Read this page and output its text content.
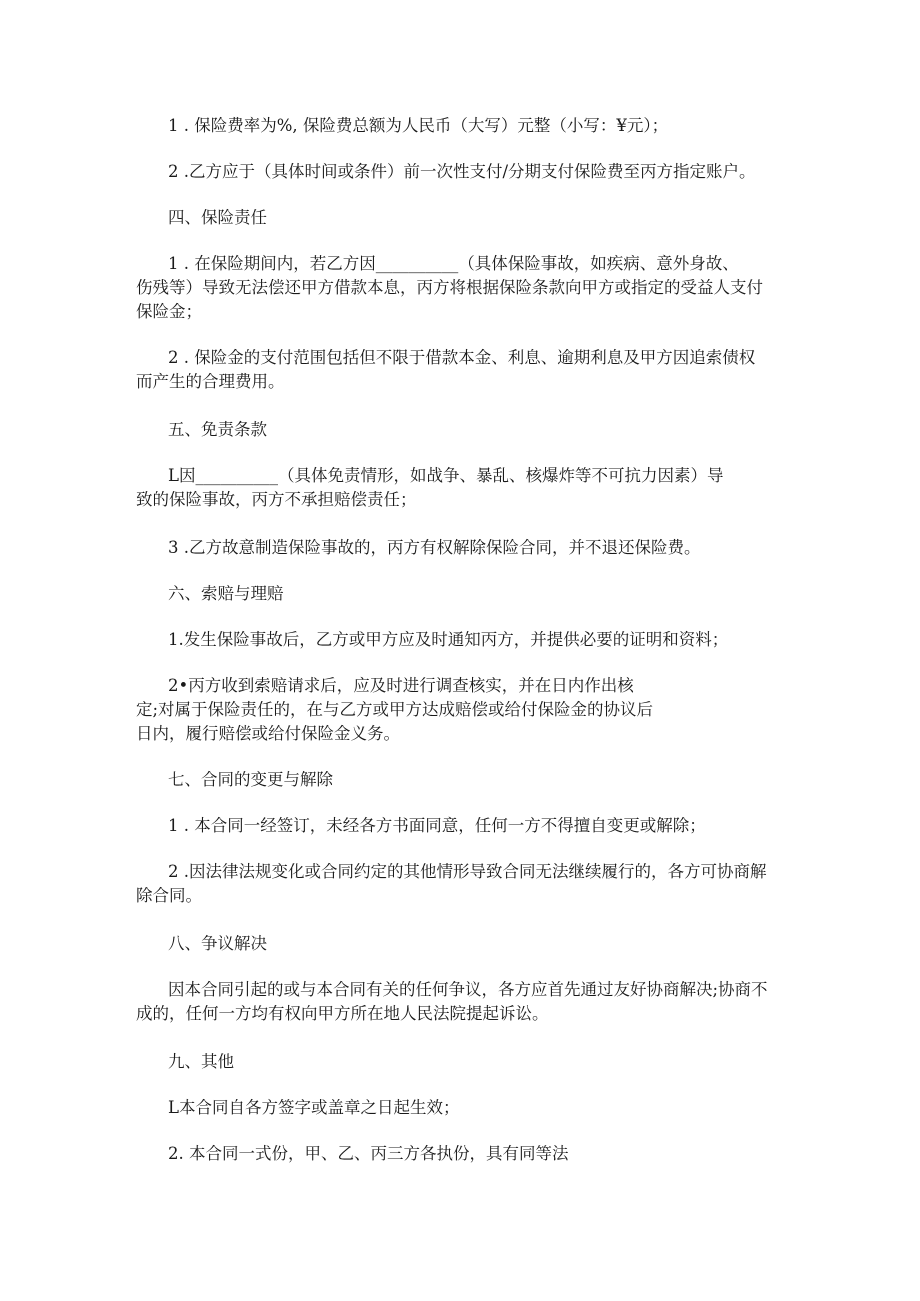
1 . 保险费率为%, 保险费总额为人民币（大写）元整（小写：¥元）；
2 .乙方应于（具体时间或条件）前一次性支付/分期支付保险费至丙方指定账户。
四、保险责任
1 . 在保险期间内，若乙方因__________（具体保险事故，如疾病、意外身故、
伤残等）导致无法偿还甲方借款本息，丙方将根据保险条款向甲方或指定的受益人支付
保险金；
2 . 保险金的支付范围包括但不限于借款本金、利息、逾期利息及甲方因追索债权
而产生的合理费用。
五、免责条款
L因__________（具体免责情形，如战争、暴乱、核爆炸等不可抗力因素）导
致的保险事故，丙方不承担赔偿责任；
3 .乙方故意制造保险事故的，丙方有权解除保险合同，并不退还保险费。
六、索赔与理赔
1.发生保险事故后，乙方或甲方应及时通知丙方，并提供必要的证明和资料；
2•丙方收到索赔请求后，应及时进行调查核实，并在日内作出核
定;对属于保险责任的，在与乙方或甲方达成赔偿或给付保险金的协议后
日内，履行赔偿或给付保险金义务。
七、合同的变更与解除
1 . 本合同一经签订，未经各方书面同意，任何一方不得擅自变更或解除；
2 .因法律法规变化或合同约定的其他情形导致合同无法继续履行的，各方可协商解
除合同。
八、争议解决
因本合同引起的或与本合同有关的任何争议，各方应首先通过友好协商解决;协商不
成的，任何一方均有权向甲方所在地人民法院提起诉讼。
九、其他
L本合同自各方签字或盖章之日起生效；
2. 本合同一式份，甲、乙、丙三方各执份，具有同等法
